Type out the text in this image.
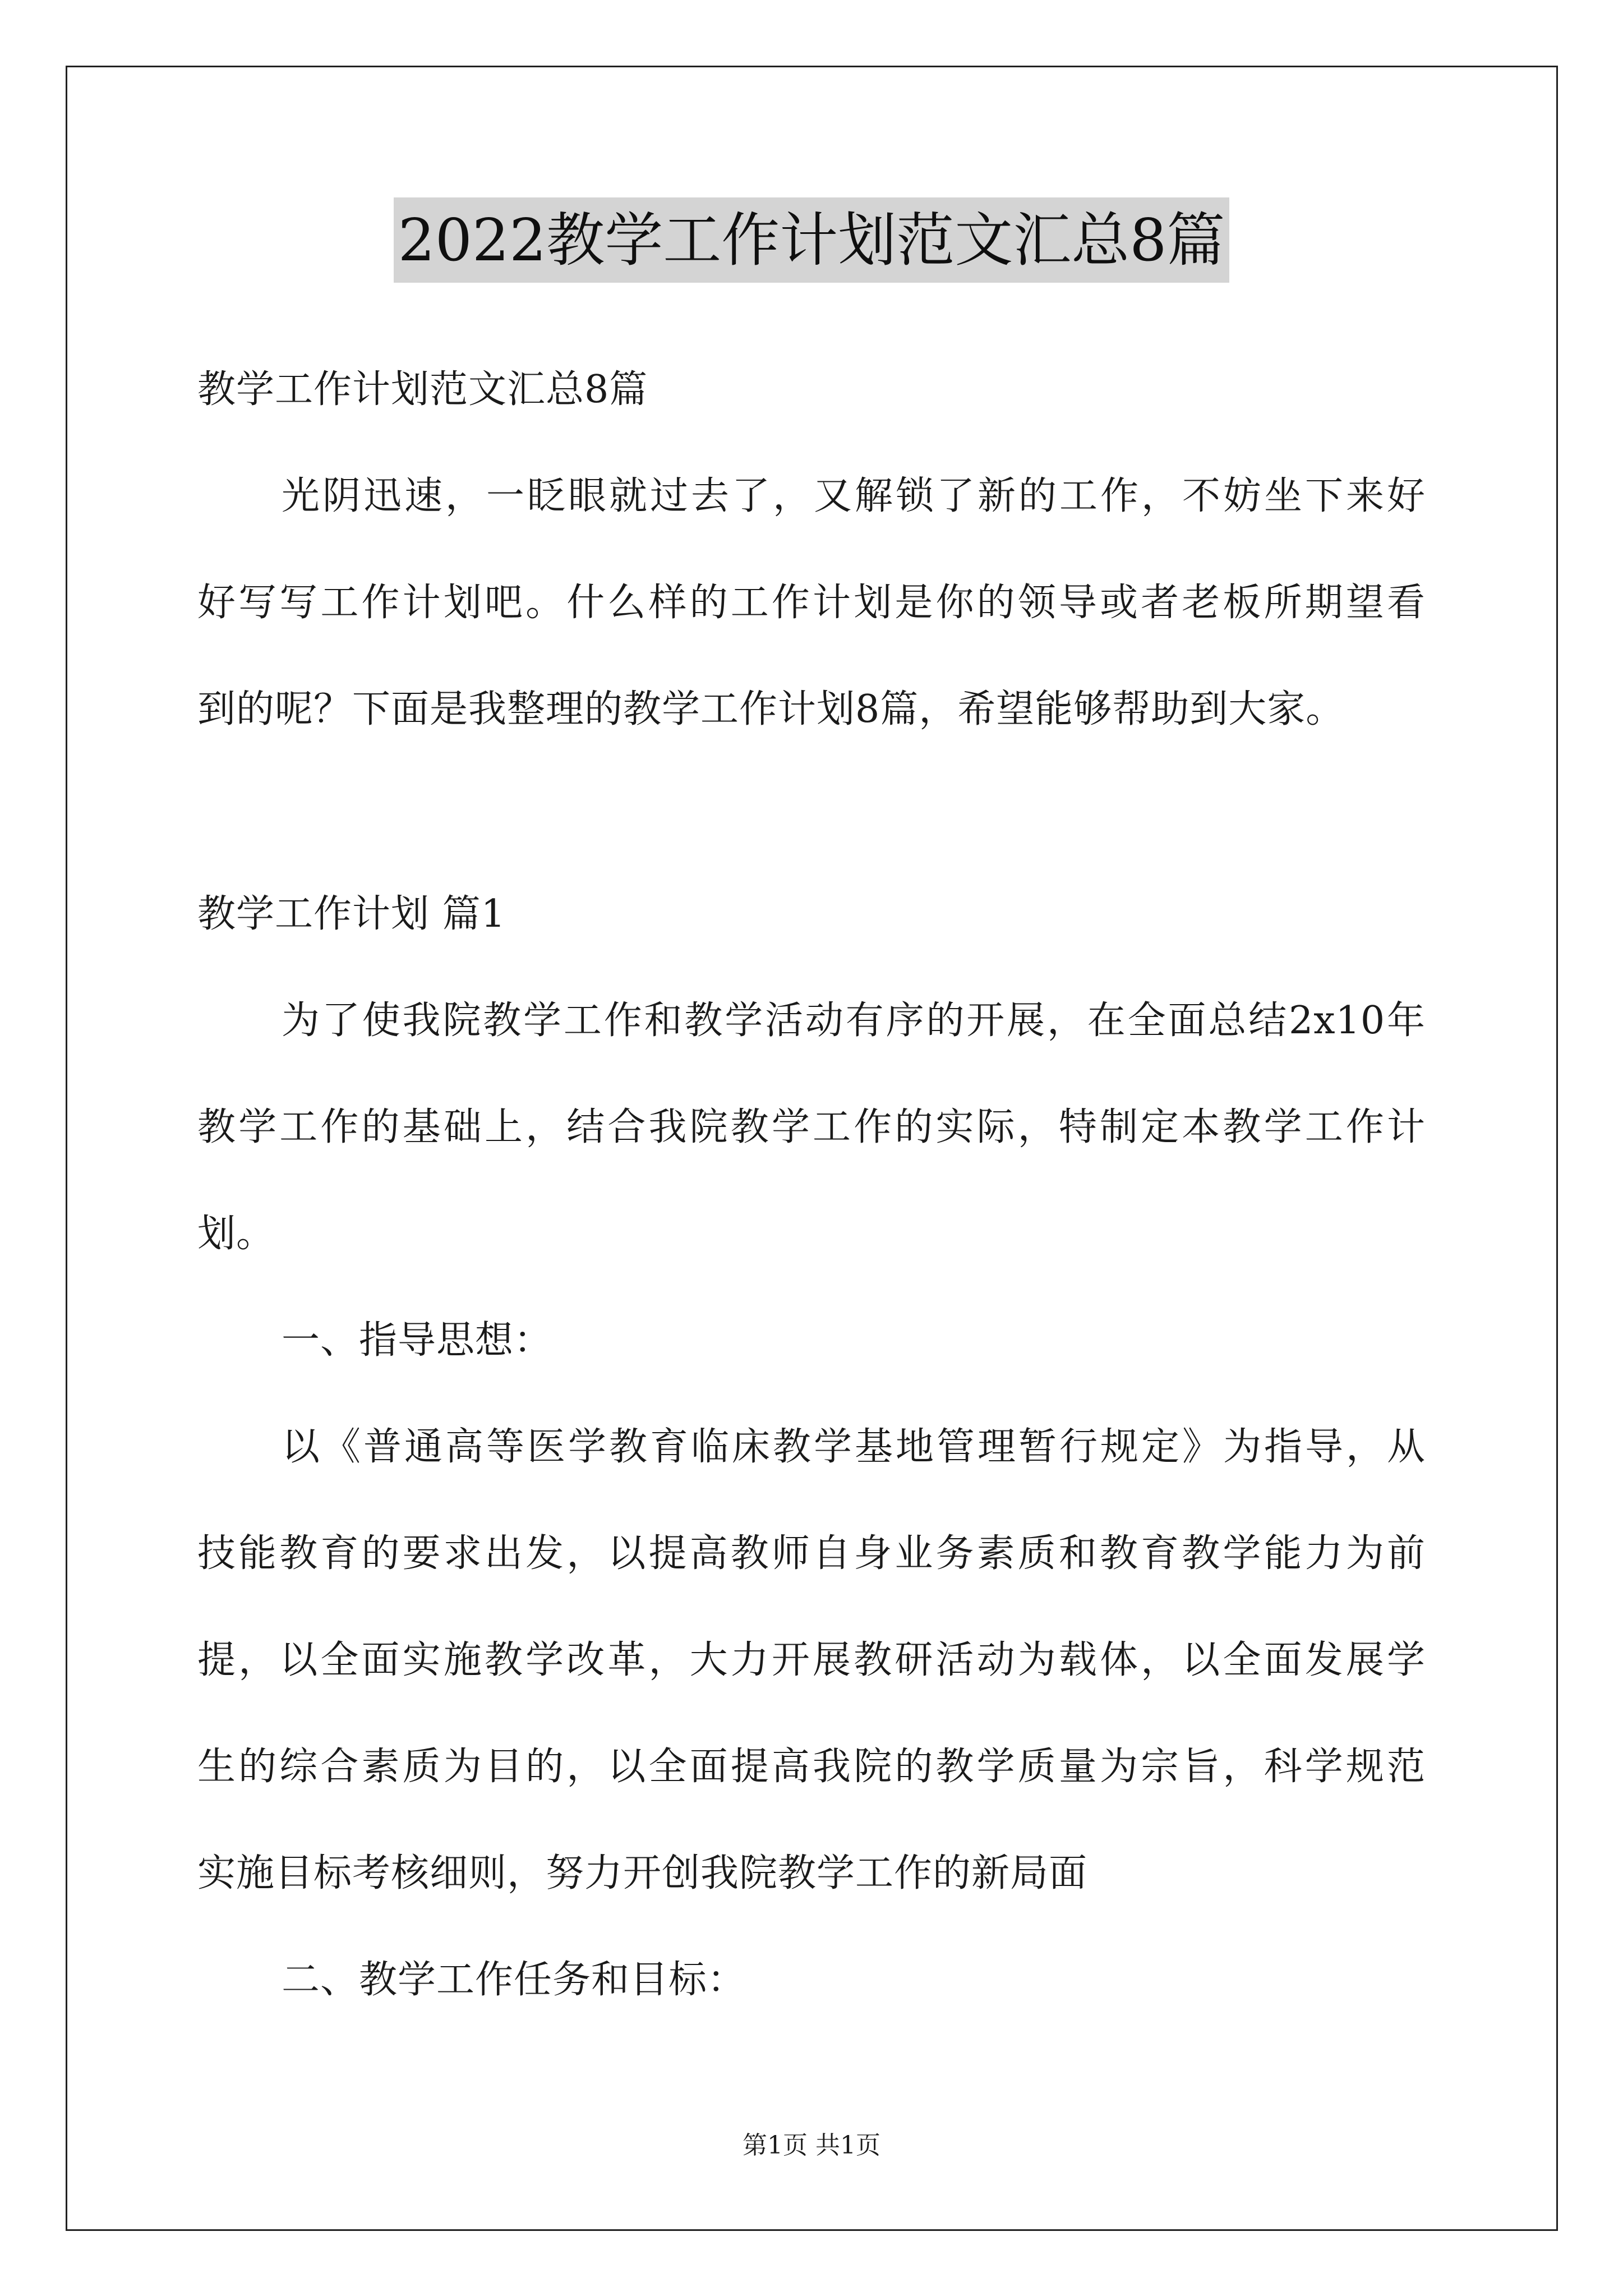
2022教学工作计划范文汇总8篇
教学工作计划范文汇总8篇
光阴迅速，一眨眼就过去了，又解锁了新的工作，不妨坐下来好
好写写工作计划吧。什么样的工作计划是你的领导或者老板所期望看
到的呢？下面是我整理的教学工作计划8篇，希望能够帮助到大家。
教学工作计划 篇1
为了使我院教学工作和教学活动有序的开展，在全面总结2x10年
教学工作的基础上，结合我院教学工作的实际，特制定本教学工作计
划。
一、指导思想：
以《普通高等医学教育临床教学基地管理暂行规定》为指导，从
技能教育的要求出发，以提高教师自身业务素质和教育教学能力为前
提，以全面实施教学改革，大力开展教研活动为载体，以全面发展学
生的综合素质为目的，以全面提高我院的教学质量为宗旨，科学规范
实施目标考核细则，努力开创我院教学工作的新局面
二、教学工作任务和目标：
第1页 共1页
